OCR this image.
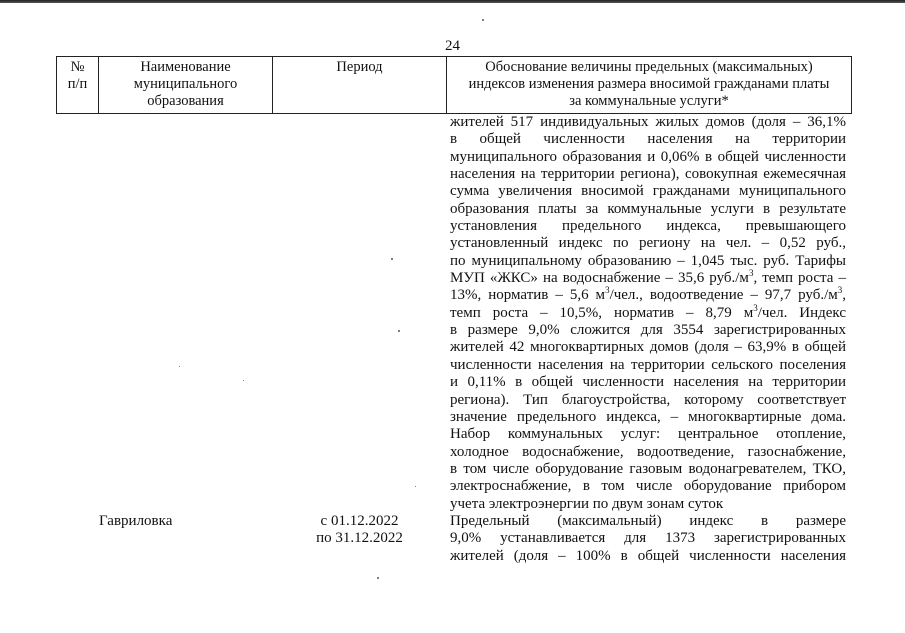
24
№
п/п
Наименование
муниципального
образования
Период	Обоснование величины предельных (максимальных)
индексов изменения размера вносимой гражданами платы
за коммунальные услуги*
жителей 517 индивидуальных жилых домов (доля – 36,1%
в общей численности населения на территории
муниципального образования и 0,06% в общей численности
населения на территории региона), совокупная ежемесячная
сумма увеличения вносимой гражданами муниципального
образования платы за коммунальные услуги в результате
установления предельного индекса, превышающего
установленный индекс по региону на чел. – 0,52 руб.,
по муниципальному образованию – 1,045 тыс. руб. Тарифы
МУП «ЖКС» на водоснабжение – 35,6 $руб./м^3$, темп роста –
13%, норматив – 5,6 $м^3$/чел., водоотведение – 97,7 $руб./м^3$,
темп роста – 10,5%, норматив – 8,79 $м^3$/чел. Индекс
в размере 9,0% сложится для 3554 зарегистрированных
жителей 42 многоквартирных домов (доля – 63,9% в общей
численности населения на территории сельского поселения
и 0,11% в общей численности населения на территории
региона). Тип благоустройства, которому соответствует
значение предельного индекса, – многоквартирные дома.
Набор коммунальных услуг: центральное отопление,
холодное водоснабжение, водоотведение, газоснабжение,
в том числе оборудование газовым водонагревателем, ТКО,
электроснабжение, в том числе оборудование прибором
учета электроэнергии по двум зонам суток
Гавриловка	с 01.12.2022
по 31.12.2022
Предельный (максимальный) индекс в размере
9,0% устанавливается для 1373 зарегистрированных
жителей (доля – 100% в общей численности населения
